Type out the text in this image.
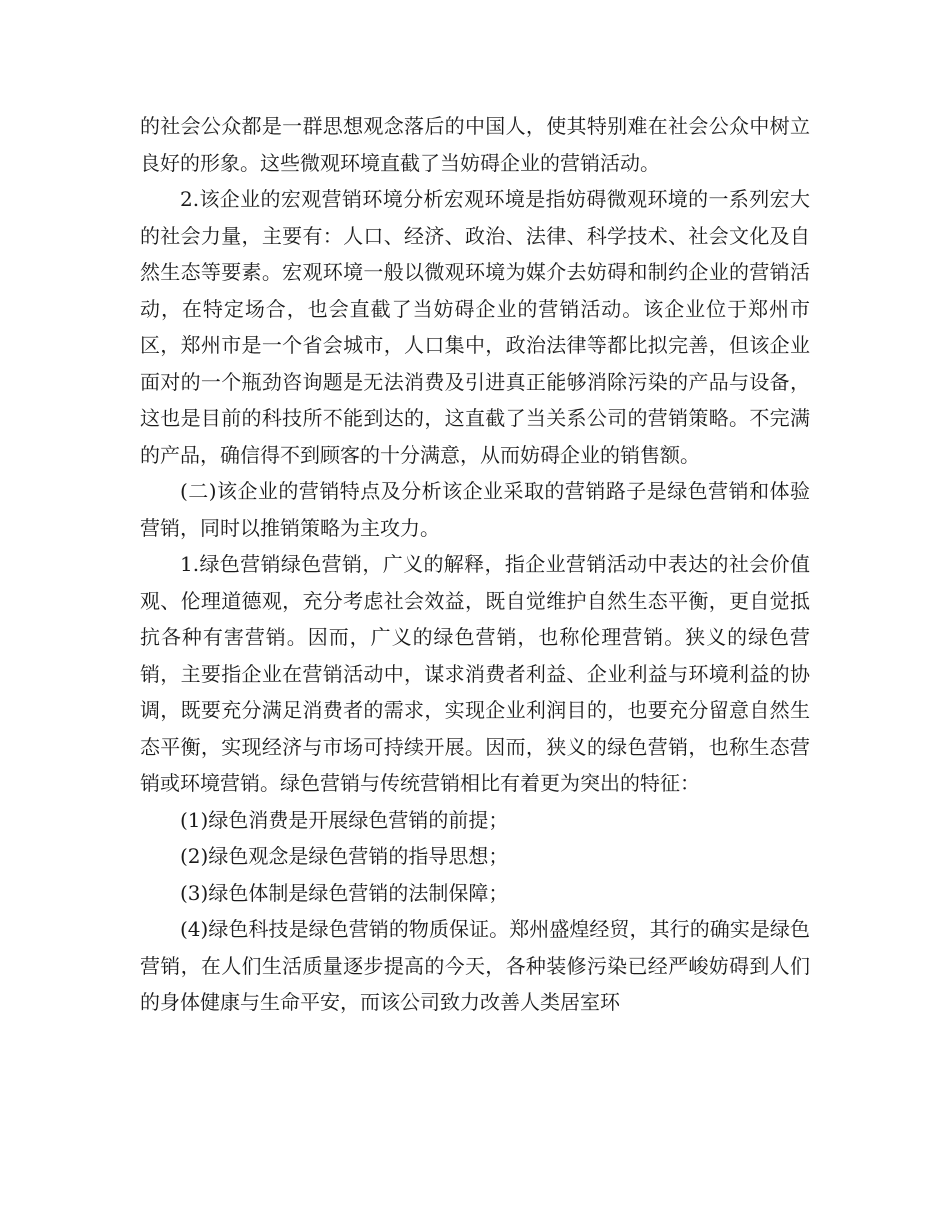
的社会公众都是一群思想观念落后的中国人，使其特别难在社会公众中树立良好的形象。这些微观环境直截了当妨碍企业的营销活动。

2.该企业的宏观营销环境分析宏观环境是指妨碍微观环境的一系列宏大的社会力量，主要有：人口、经济、政治、法律、科学技术、社会文化及自然生态等要素。宏观环境一般以微观环境为媒介去妨碍和制约企业的营销活动，在特定场合，也会直截了当妨碍企业的营销活动。该企业位于郑州市区，郑州市是一个省会城市，人口集中，政治法律等都比拟完善，但该企业面对的一个瓶劲咨询题是无法消费及引进真正能够消除污染的产品与设备，这也是目前的科技所不能到达的，这直截了当关系公司的营销策略。不完满的产品，确信得不到顾客的十分满意，从而妨碍企业的销售额。

(二)该企业的营销特点及分析该企业采取的营销路子是绿色营销和体验营销，同时以推销策略为主攻力。

1.绿色营销绿色营销，广义的解释，指企业营销活动中表达的社会价值观、伦理道德观，充分考虑社会效益，既自觉维护自然生态平衡，更自觉抵抗各种有害营销。因而，广义的绿色营销，也称伦理营销。狭义的绿色营销，主要指企业在营销活动中，谋求消费者利益、企业利益与环境利益的协调，既要充分满足消费者的需求，实现企业利润目的，也要充分留意自然生态平衡，实现经济与市场可持续开展。因而，狭义的绿色营销，也称生态营销或环境营销。绿色营销与传统营销相比有着更为突出的特征：

(1)绿色消费是开展绿色营销的前提；

(2)绿色观念是绿色营销的指导思想；

(3)绿色体制是绿色营销的法制保障；

(4)绿色科技是绿色营销的物质保证。郑州盛煌经贸，其行的确实是绿色营销，在人们生活质量逐步提高的今天，各种装修污染已经严峻妨碍到人们的身体健康与生命平安，而该公司致力改善人类居室环
